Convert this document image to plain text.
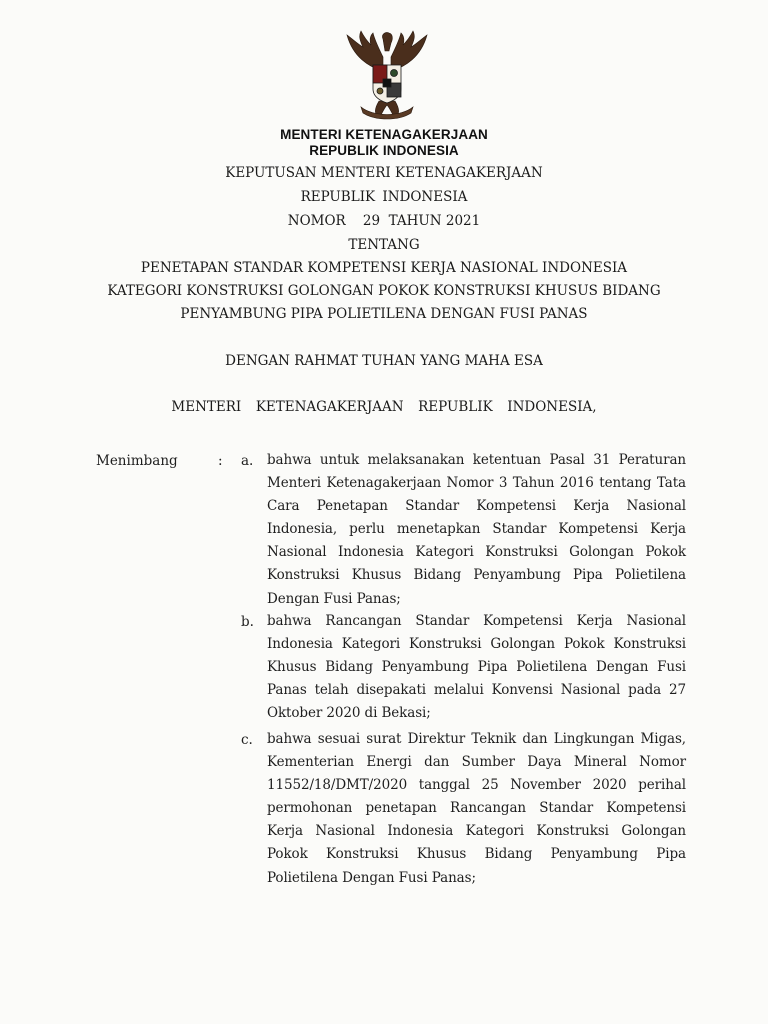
MENTERI KETENAGAKERJAAN
REPUBLIK INDONESIA
KEPUTUSAN MENTERI KETENAGAKERJAAN
REPUBLIK INDONESIA
NOMOR    29  TAHUN 2021
TENTANG
PENETAPAN STANDAR KOMPETENSI KERJA NASIONAL INDONESIA
KATEGORI KONSTRUKSI GOLONGAN POKOK KONSTRUKSI KHUSUS BIDANG
PENYAMBUNG PIPA POLIETILENA DENGAN FUSI PANAS
DENGAN RAHMAT TUHAN YANG MAHA ESA
MENTERI  KETENAGAKERJAAN  REPUBLIK  INDONESIA,
Menimbang	: a. bahwa untuk melaksanakan ketentuan Pasal 31 Peraturan Menteri Ketenagakerjaan Nomor 3 Tahun 2016 tentang Tata Cara Penetapan Standar Kompetensi Kerja Nasional Indonesia, perlu menetapkan Standar Kompetensi Kerja Nasional Indonesia Kategori Konstruksi Golongan Pokok Konstruksi Khusus Bidang Penyambung Pipa Polietilena Dengan Fusi Panas;
b. bahwa Rancangan Standar Kompetensi Kerja Nasional Indonesia Kategori Konstruksi Golongan Pokok Konstruksi Khusus Bidang Penyambung Pipa Polietilena Dengan Fusi Panas telah disepakati melalui Konvensi Nasional pada 27 Oktober 2020 di Bekasi;
c. bahwa sesuai surat Direktur Teknik dan Lingkungan Migas, Kementerian Energi dan Sumber Daya Mineral Nomor 11552/18/DMT/2020 tanggal 25 November 2020 perihal permohonan penetapan Rancangan Standar Kompetensi Kerja Nasional Indonesia Kategori Konstruksi Golongan Pokok Konstruksi Khusus Bidang Penyambung Pipa Polietilena Dengan Fusi Panas;
